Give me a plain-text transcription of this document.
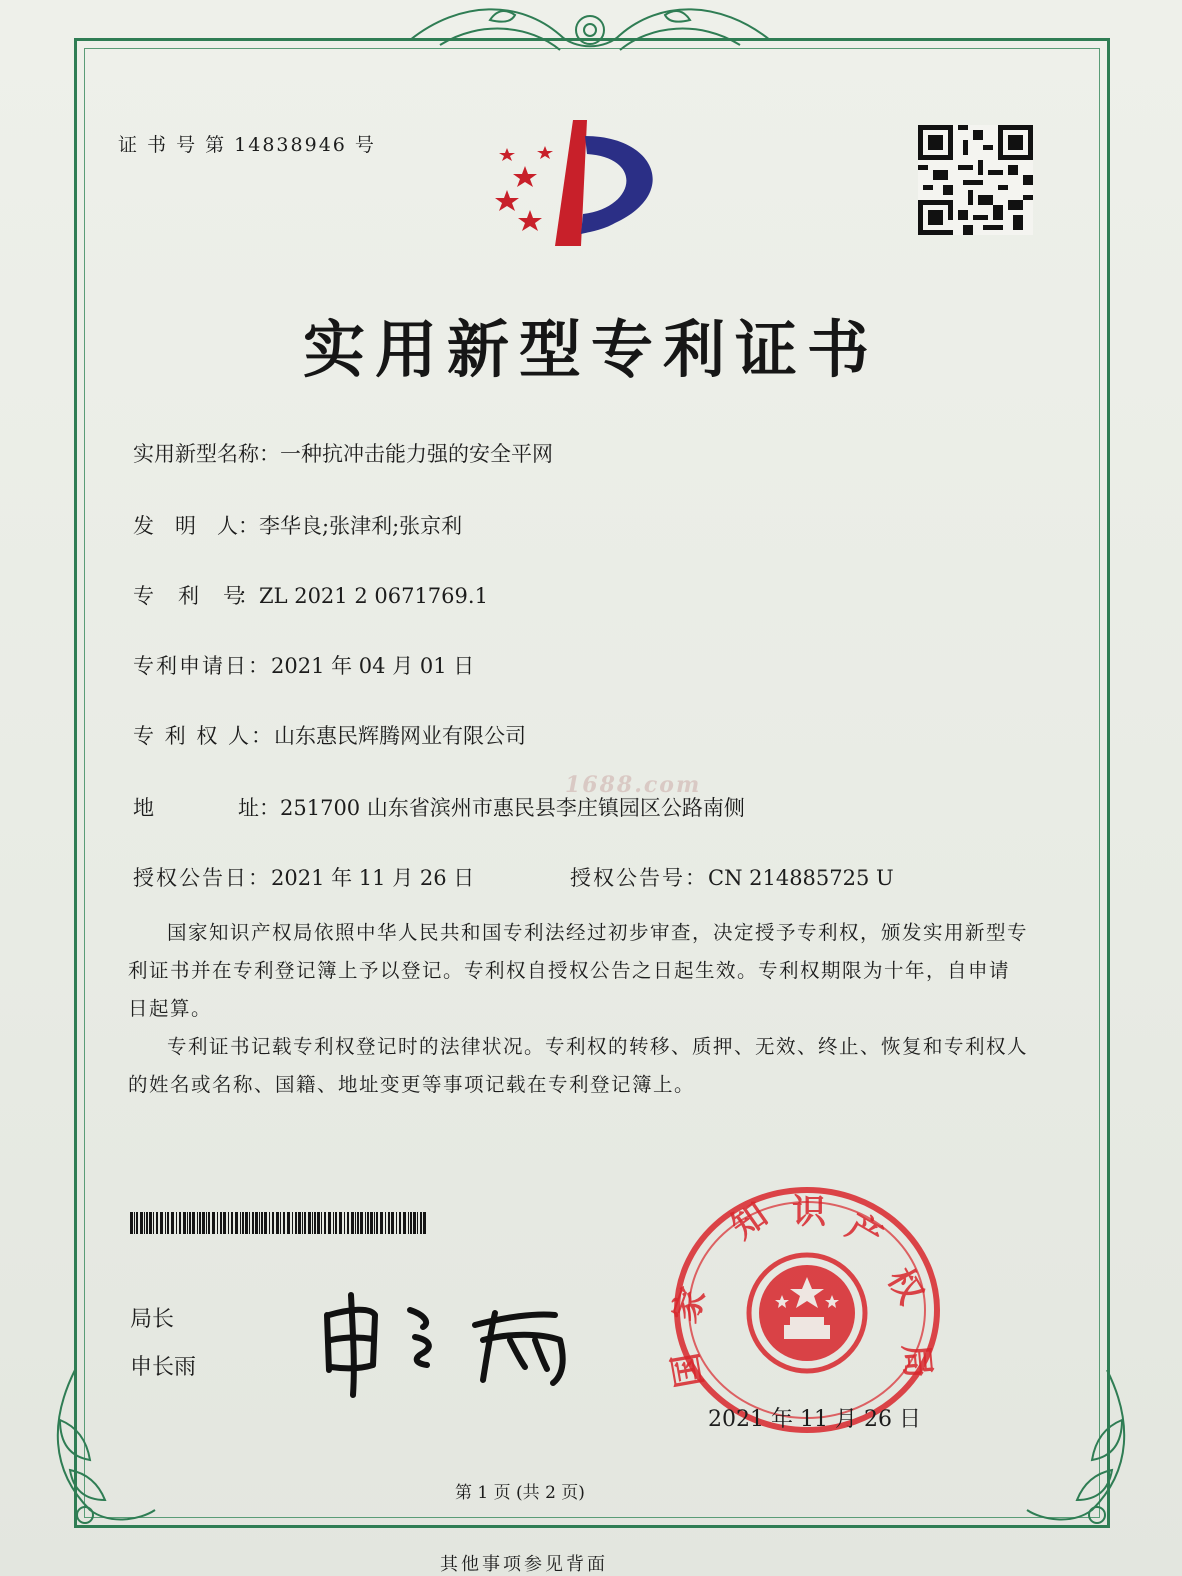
证 书 号 第 14838946 号
实用新型专利证书
实用新型名称：一种抗冲击能力强的安全平网
发　明　人：李华良;张津利;张京利
专　　利　　号： ZL 2021 2 0671769.1
专利申请日：2021 年 04 月 01 日
专 利 权 人：山东惠民辉腾网业有限公司
1688.com
地　　　　址：251700 山东省滨州市惠民县李庄镇园区公路南侧
授权公告日：2021 年 11 月 26 日	授权公告号：CN 214885725 U

国家知识产权局依照中华人民共和国专利法经过初步审查，决定授予专利权，颁发实用新型专利证书并在专利登记簿上予以登记。专利权自授权公告之日起生效。专利权期限为十年，自申请日起算。

专利证书记载专利权登记时的法律状况。专利权的转移、质押、无效、终止、恢复和专利权人的姓名或名称、国籍、地址变更等事项记载在专利登记簿上。

局长
申长雨
家
知 识 产
权
局
国
2021 年 11 月 26 日
第 1 页 (共 2 页)
其他事项参见背面
